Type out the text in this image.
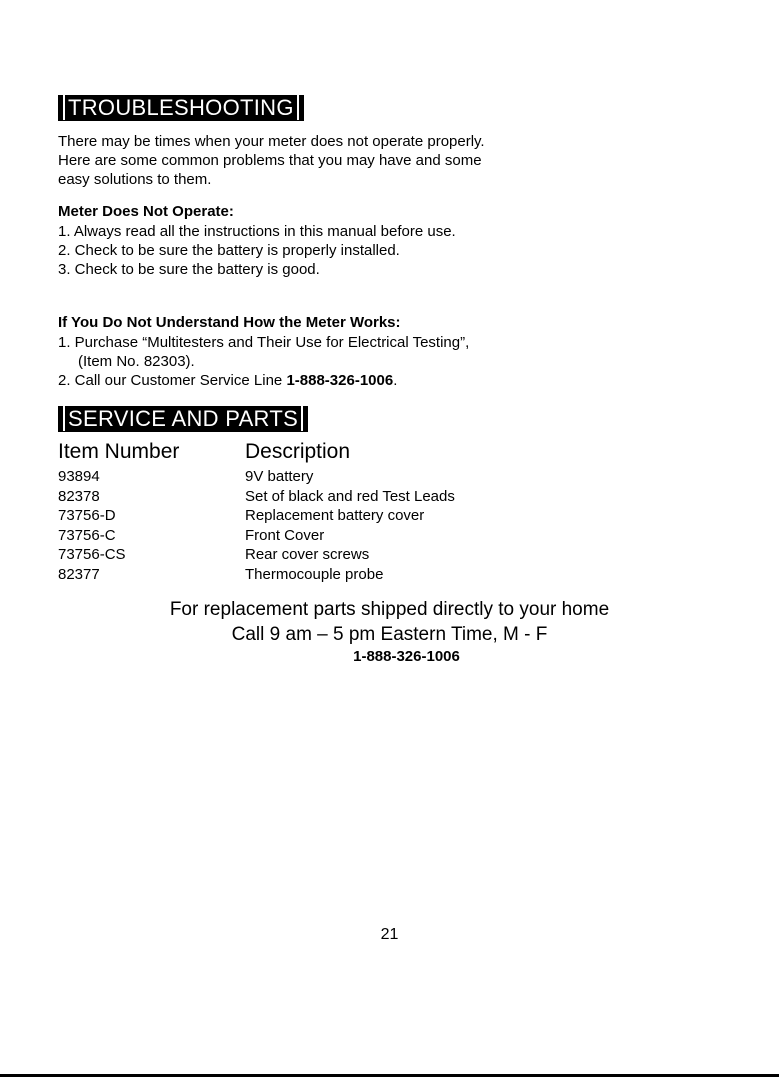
TROUBLESHOOTING
There may be times when your meter does not operate properly.
Here are some common problems that you may have and some
easy solutions to them.

Meter Does Not Operate:

1. Always read all the instructions in this manual before use.
2. Check to be sure the battery is properly installed.
3. Check to be sure the battery is good.

If You Do Not Understand How the Meter Works:

1. Purchase “Multitesters and Their Use for Electrical Testing”,
(Item No. 82303).
2. Call our Customer Service Line 1-888-326-1006.
SERVICE AND PARTS
Item Number	Description
93894	9V battery
82378	Set of black and red Test Leads
73756-D	Replacement battery cover
73756-C	Front Cover
73756-CS	Rear cover screws
82377	Thermocouple probe
For replacement parts shipped directly to your home
Call 9 am – 5 pm Eastern Time, M - F
1-888-326-1006
21
